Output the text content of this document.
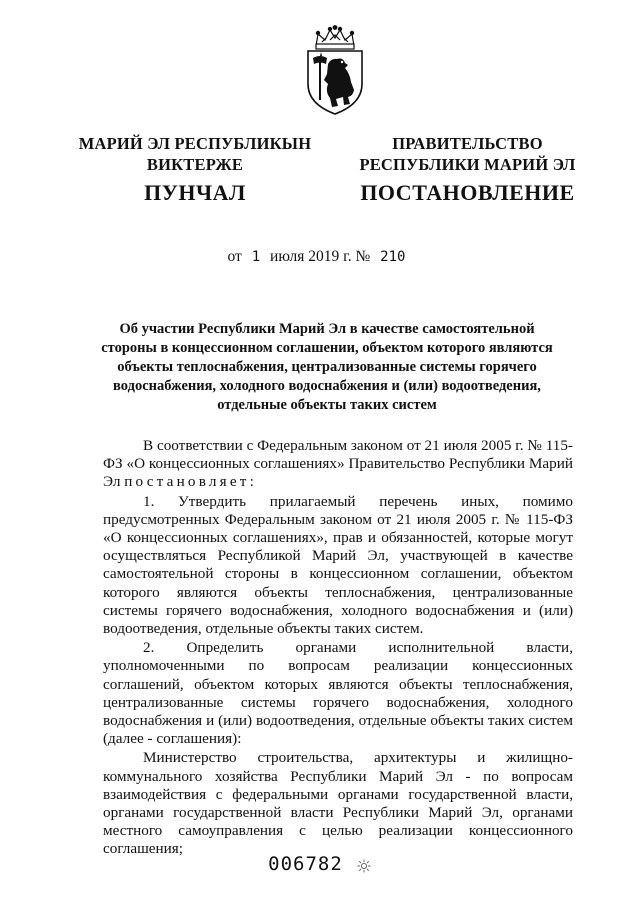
МАРИЙ ЭЛ РЕСПУБЛИКЫН
ВИКТЕРЖЕ
ПУНЧАЛ
ПРАВИТЕЛЬСТВО
РЕСПУБЛИКИ МАРИЙ ЭЛ
ПОСТАНОВЛЕНИЕ
от 1 июля 2019 г. № 210
Об участии Республики Марий Эл в качестве самостоятельной
стороны в концессионном соглашении, объектом которого являются
объекты теплоснабжения, централизованные системы горячего
водоснабжения, холодного водоснабжения и (или) водоотведения,
отдельные объекты таких систем

В соответствии с Федеральным законом от 21 июля 2005 г. № 115-ФЗ «О концессионных соглашениях» Правительство Республики Марий Эл постановляет:

1. Утвердить прилагаемый перечень иных, помимо предусмотренных Федеральным законом от 21 июля 2005 г. № 115-ФЗ «О концессионных соглашениях», прав и обязанностей, которые могут осуществляться Республикой Марий Эл, участвующей в качестве самостоятельной стороны в концессионном соглашении, объектом которого являются объекты теплоснабжения, централизованные системы горячего водоснабжения, холодного водоснабжения и (или) водоотведения, отдельные объекты таких систем.

2. Определить органами исполнительной власти, уполномоченными по вопросам реализации концессионных соглашений, объектом которых являются объекты теплоснабжения, централизованные системы горячего водоснабжения, холодного водоснабжения и (или) водоотведения, отдельные объекты таких систем (далее - соглашения):

Министерство строительства, архитектуры и жилищно-коммунального хозяйства Республики Марий Эл - по вопросам взаимодействия с федеральными органами государственной власти, органами государственной власти Республики Марий Эл, органами местного самоуправления с целью реализации концессионного соглашения;

006782
